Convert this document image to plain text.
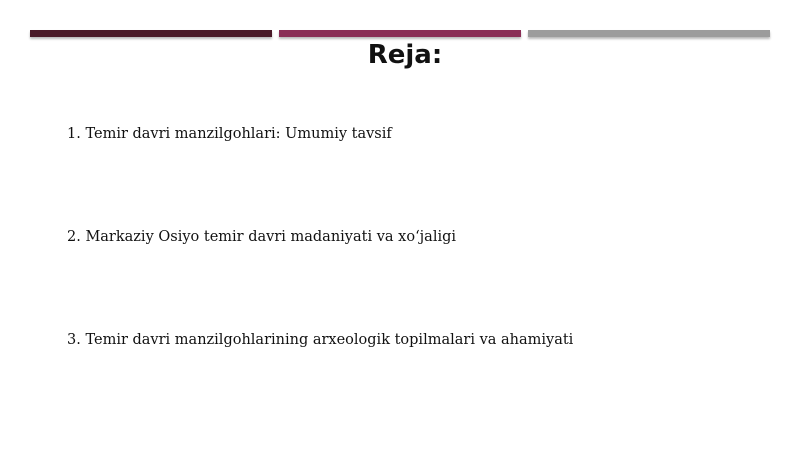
Reja:
1. Temir davri manzilgohlari: Umumiy tavsif
2. Markaziy Osiyo temir davri madaniyati va xo‘jaligi
3. Temir davri manzilgohlarining arxeologik topilmalari va ahamiyati
